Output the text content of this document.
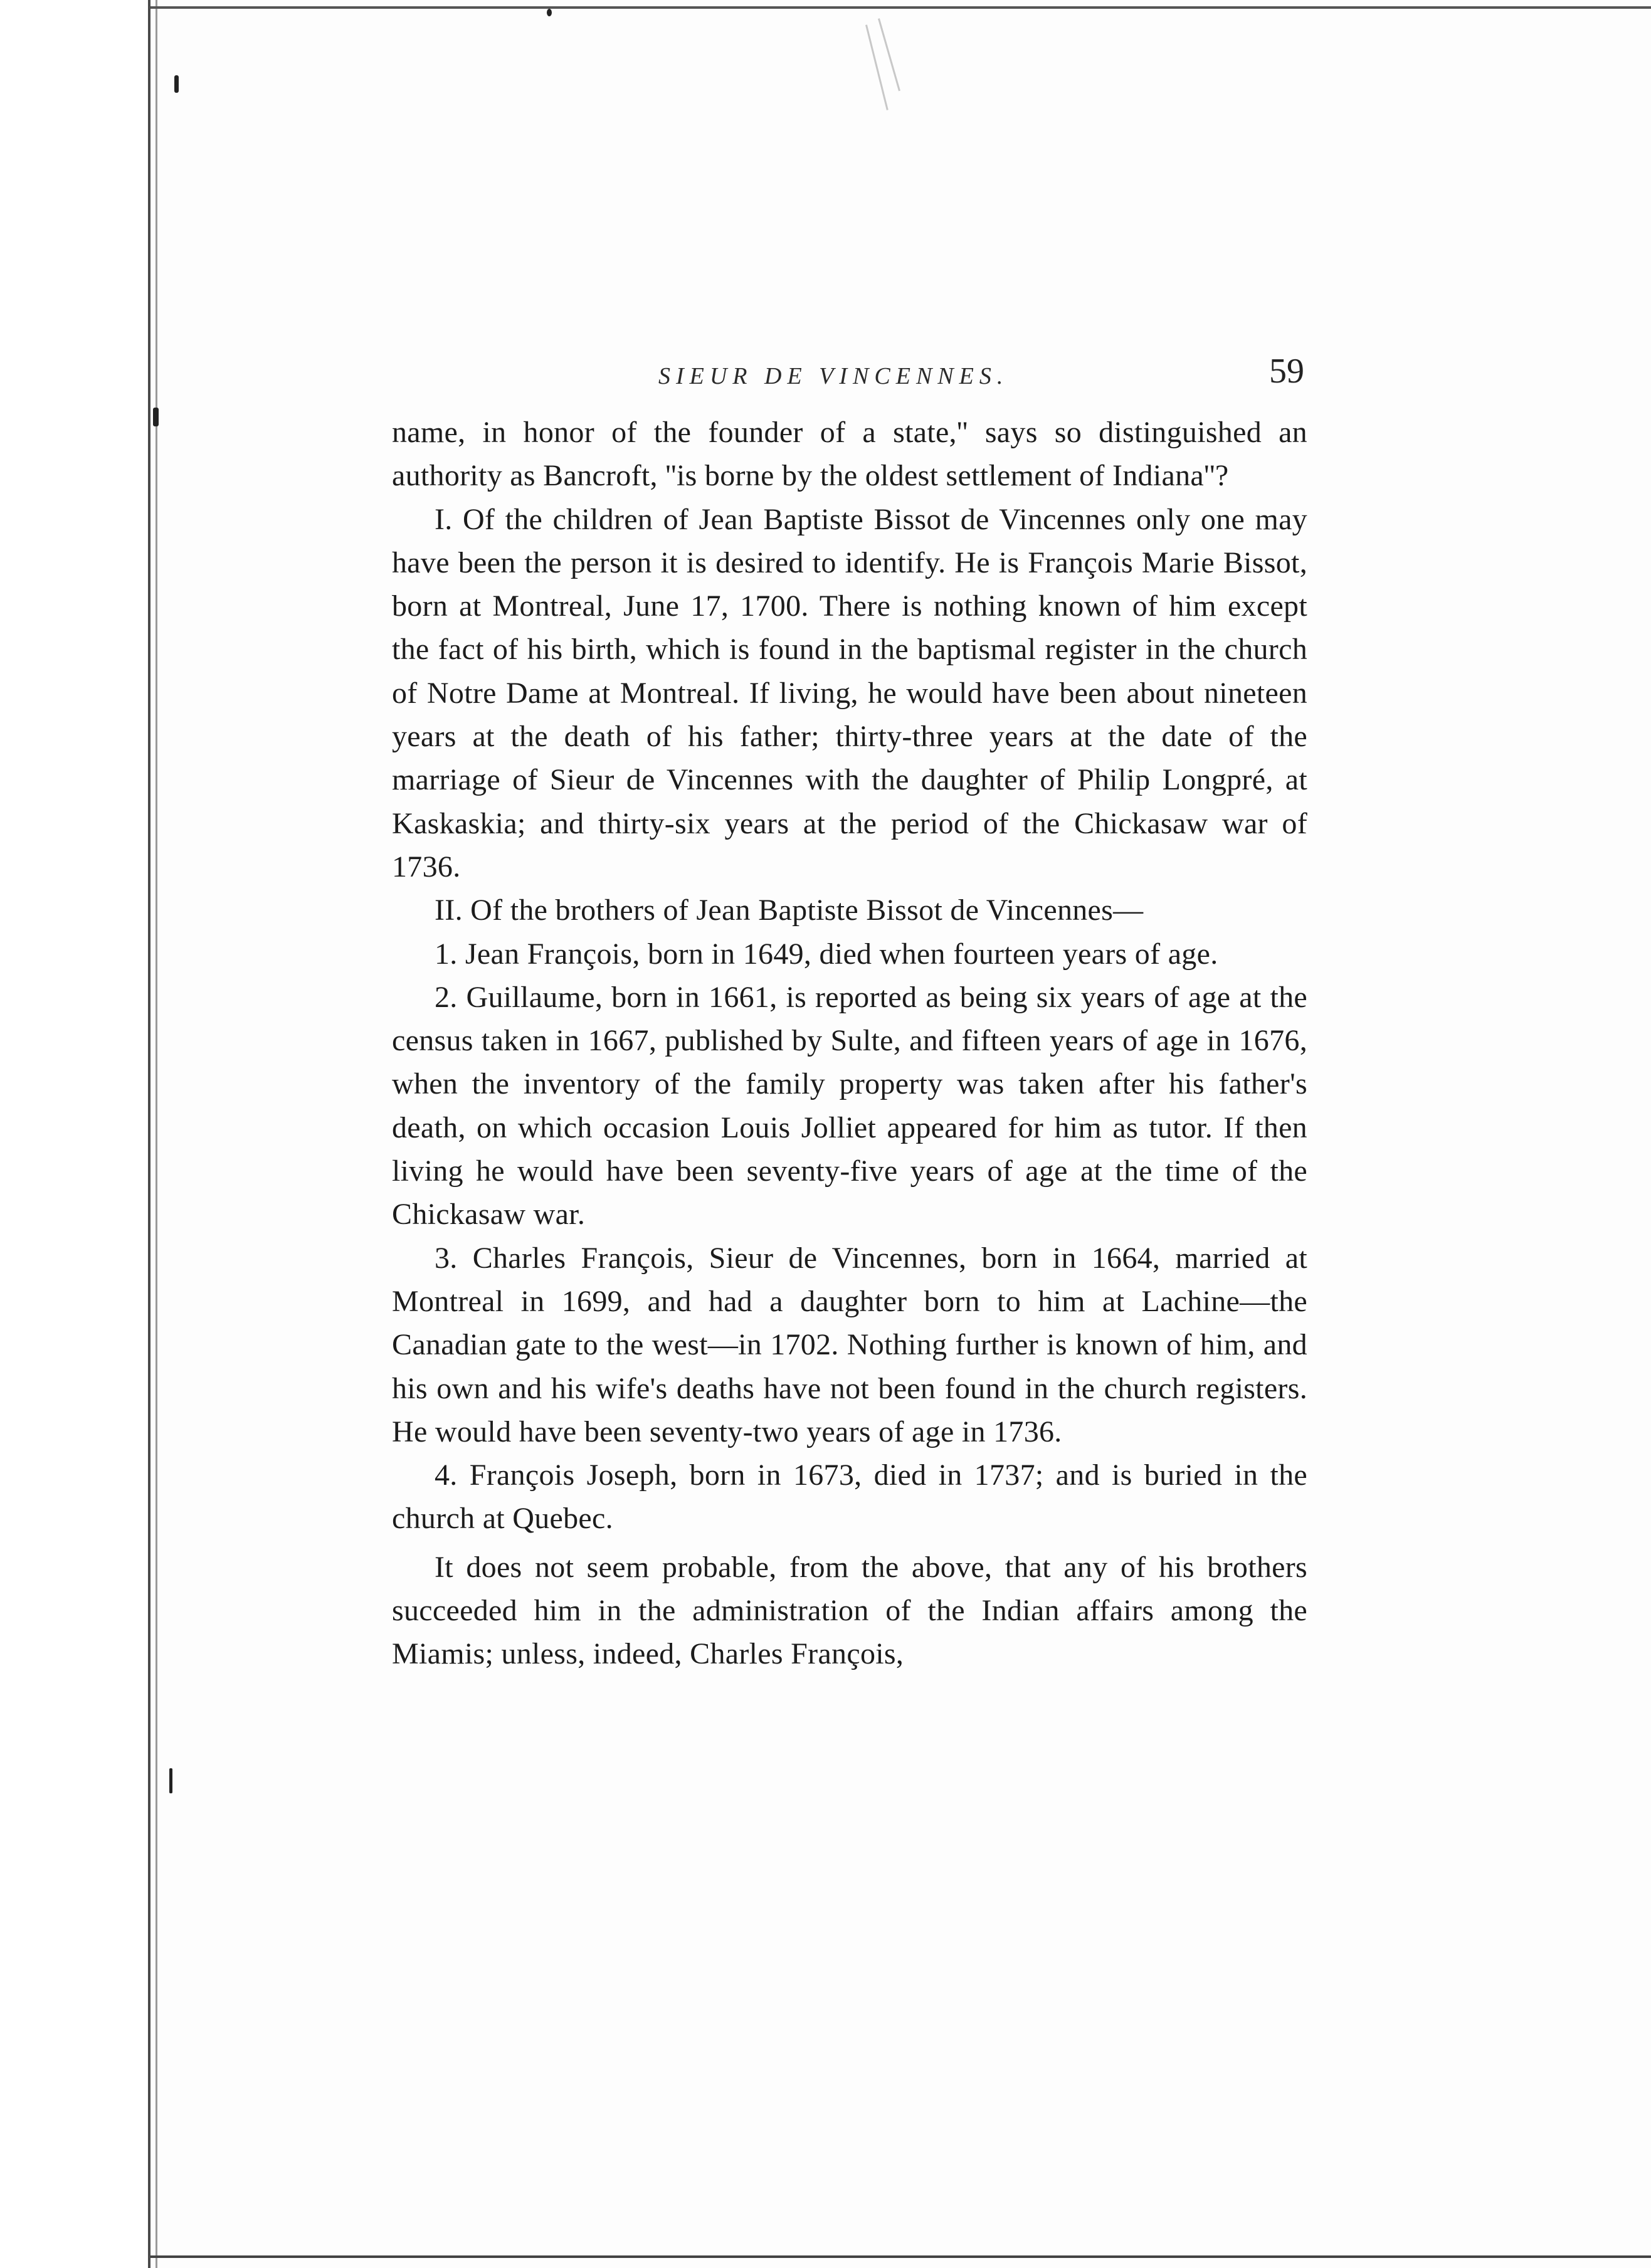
SIEUR DE VINCENNES.	59

name, in honor of the founder of a state,'' says so distinguished an authority as Bancroft, ''is borne by the oldest settlement of Indiana''?

I. Of the children of Jean Baptiste Bissot de Vincennes only one may have been the person it is desired to identify. He is François Marie Bissot, born at Montreal, June 17, 1700. There is nothing known of him except the fact of his birth, which is found in the baptismal register in the church of Notre Dame at Montreal. If living, he would have been about nineteen years at the death of his father; thirty-three years at the date of the marriage of Sieur de Vincennes with the daughter of Philip Longpré, at Kaskaskia; and thirty-six years at the period of the Chickasaw war of 1736.

II. Of the brothers of Jean Baptiste Bissot de Vincennes—

1. Jean François, born in 1649, died when fourteen years of age.

2. Guillaume, born in 1661, is reported as being six years of age at the census taken in 1667, published by Sulte, and fifteen years of age in 1676, when the inventory of the family property was taken after his father's death, on which occasion Louis Jolliet appeared for him as tutor. If then living he would have been seventy-five years of age at the time of the Chickasaw war.

3. Charles François, Sieur de Vincennes, born in 1664, married at Montreal in 1699, and had a daughter born to him at Lachine—the Canadian gate to the west—in 1702. Nothing further is known of him, and his own and his wife's deaths have not been found in the church registers. He would have been seventy-two years of age in 1736.

4. François Joseph, born in 1673, died in 1737; and is buried in the church at Quebec.

It does not seem probable, from the above, that any of his brothers succeeded him in the administration of the Indian affairs among the Miamis; unless, indeed, Charles François,
